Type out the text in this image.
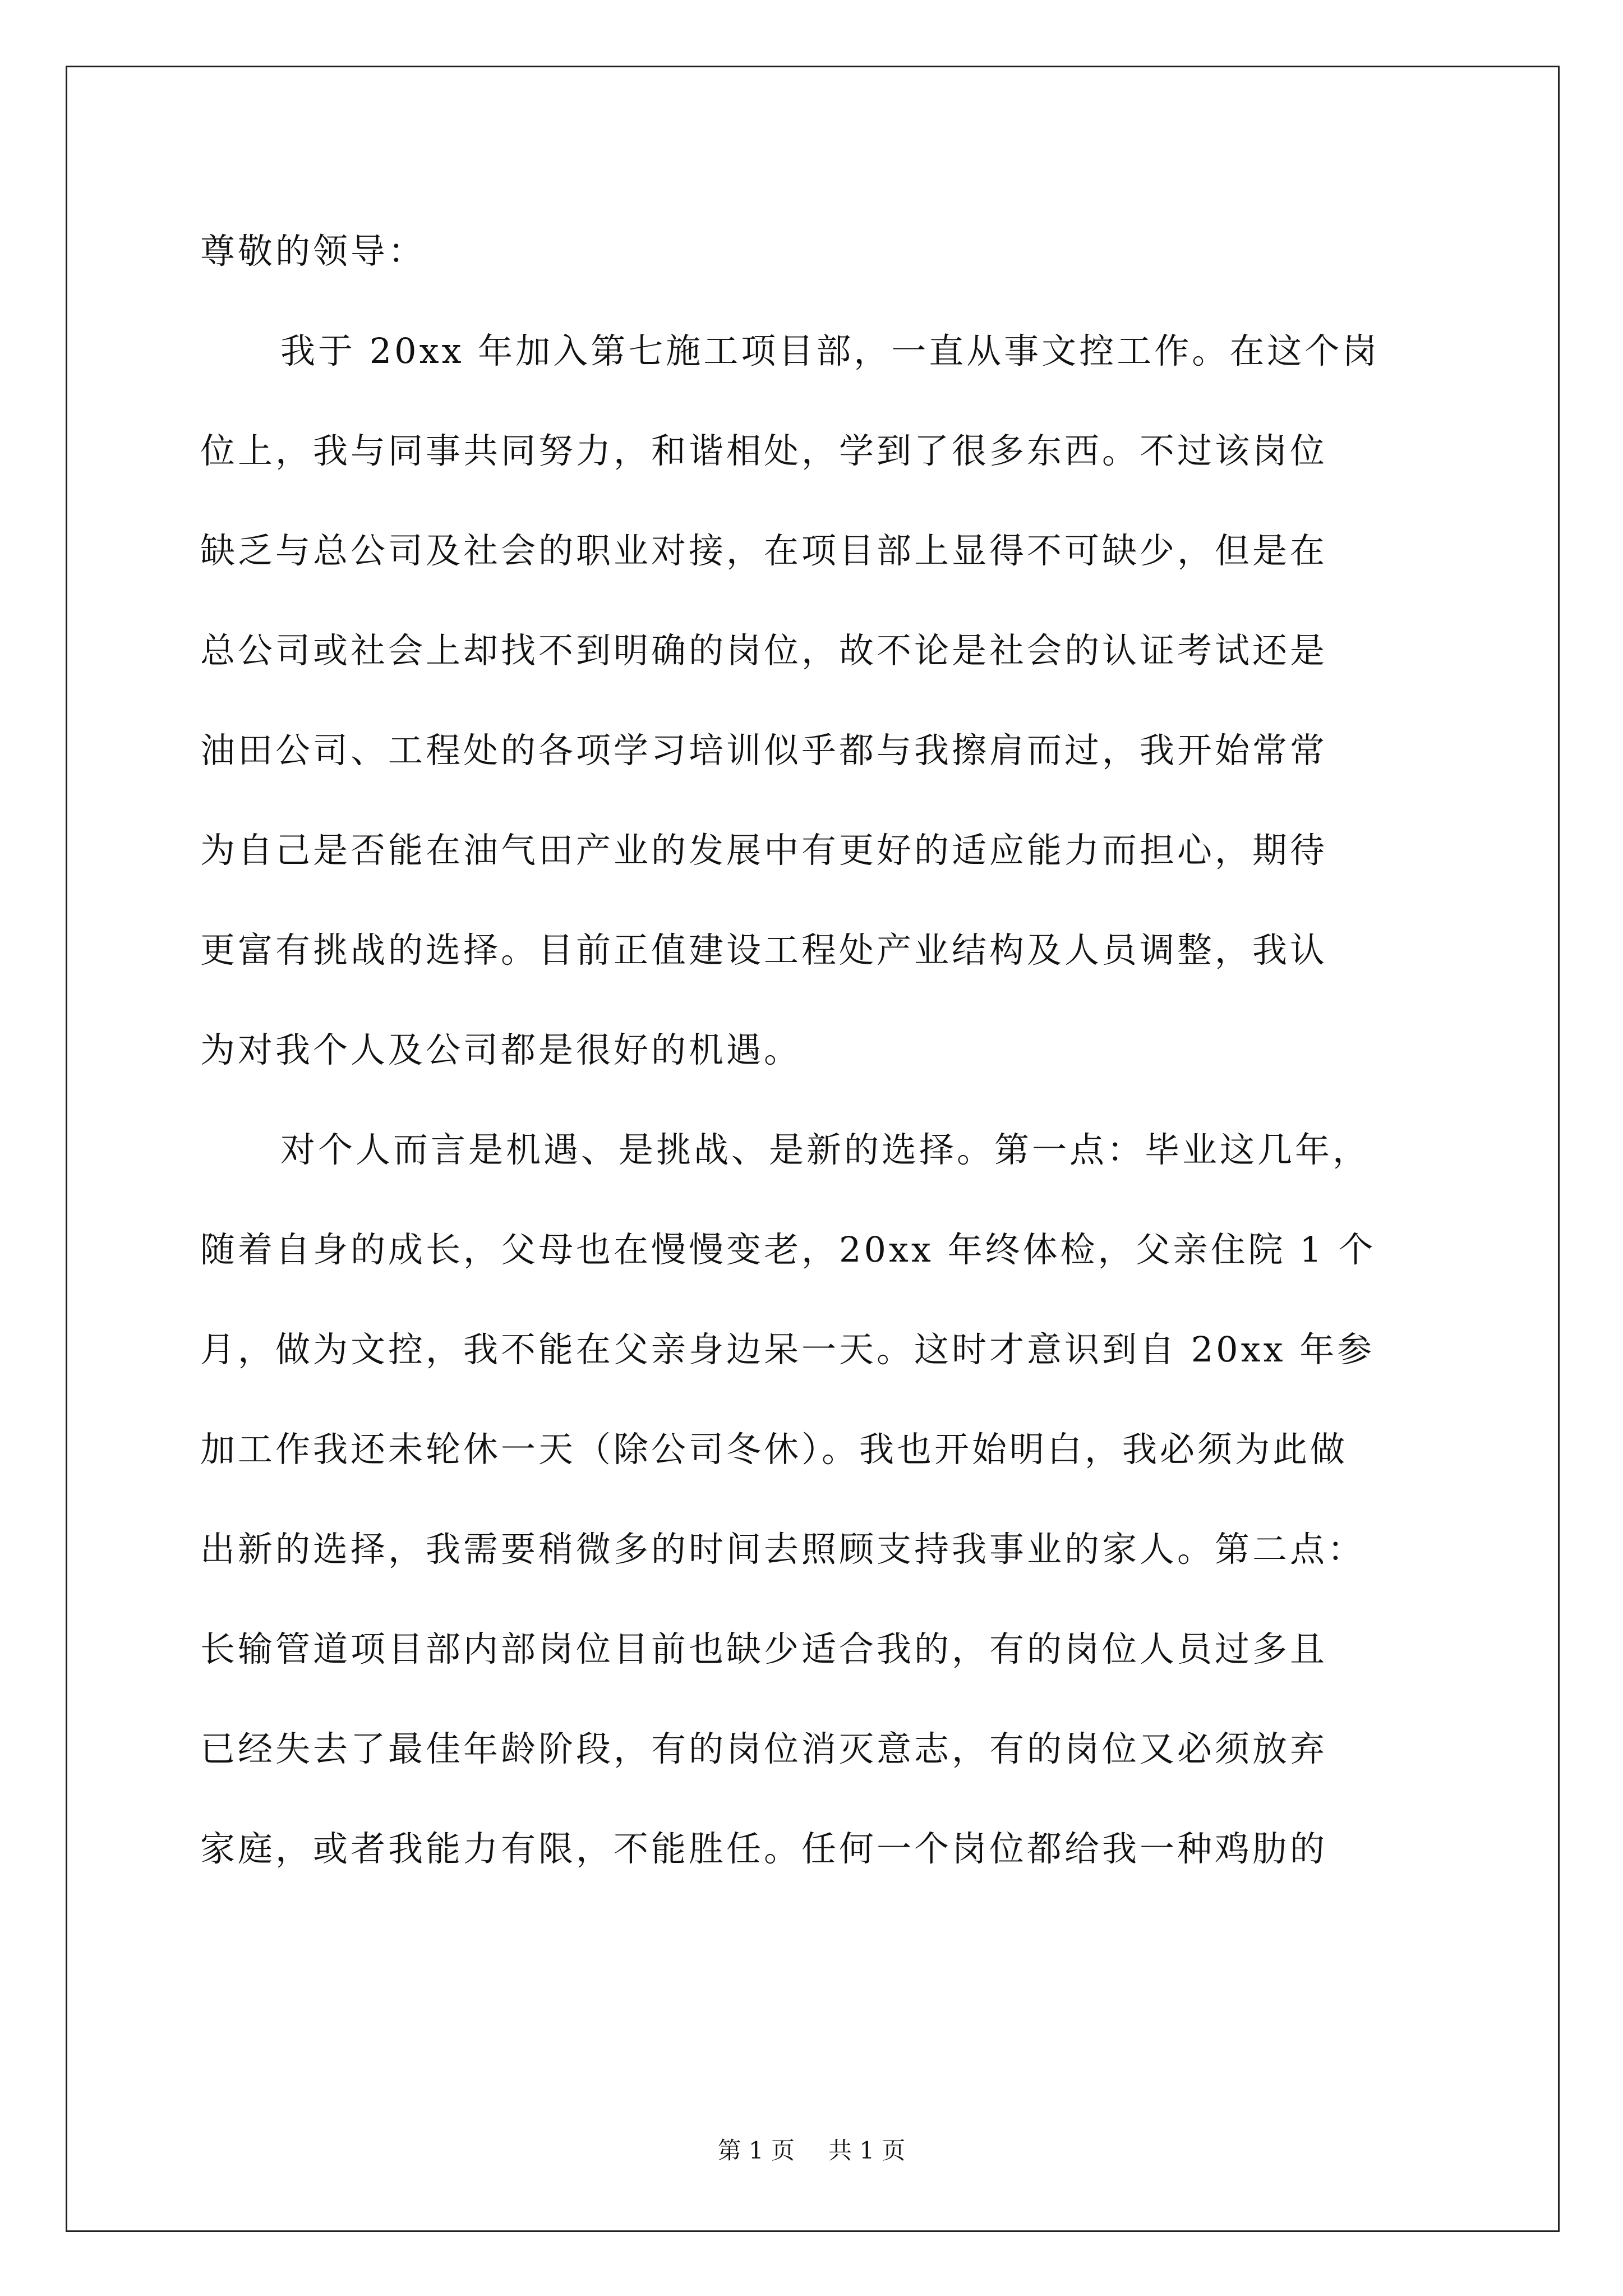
尊敬的领导：
我于 20xx 年加入第七施工项目部，一直从事文控工作。在这个岗
位上，我与同事共同努力，和谐相处，学到了很多东西。不过该岗位
缺乏与总公司及社会的职业对接，在项目部上显得不可缺少，但是在
总公司或社会上却找不到明确的岗位，故不论是社会的认证考试还是
油田公司、工程处的各项学习培训似乎都与我擦肩而过，我开始常常
为自己是否能在油气田产业的发展中有更好的适应能力而担心，期待
更富有挑战的选择。目前正值建设工程处产业结构及人员调整，我认
为对我个人及公司都是很好的机遇。
对个人而言是机遇、是挑战、是新的选择。第一点：毕业这几年，
随着自身的成长，父母也在慢慢变老，20xx 年终体检，父亲住院 1 个
月，做为文控，我不能在父亲身边呆一天。这时才意识到自 20xx 年参
加工作我还未轮休一天（除公司冬休）。我也开始明白，我必须为此做
出新的选择，我需要稍微多的时间去照顾支持我事业的家人。第二点：
长输管道项目部内部岗位目前也缺少适合我的，有的岗位人员过多且
已经失去了最佳年龄阶段，有的岗位消灭意志，有的岗位又必须放弃
家庭，或者我能力有限，不能胜任。任何一个岗位都给我一种鸡肋的
第 1 页 共 1 页
